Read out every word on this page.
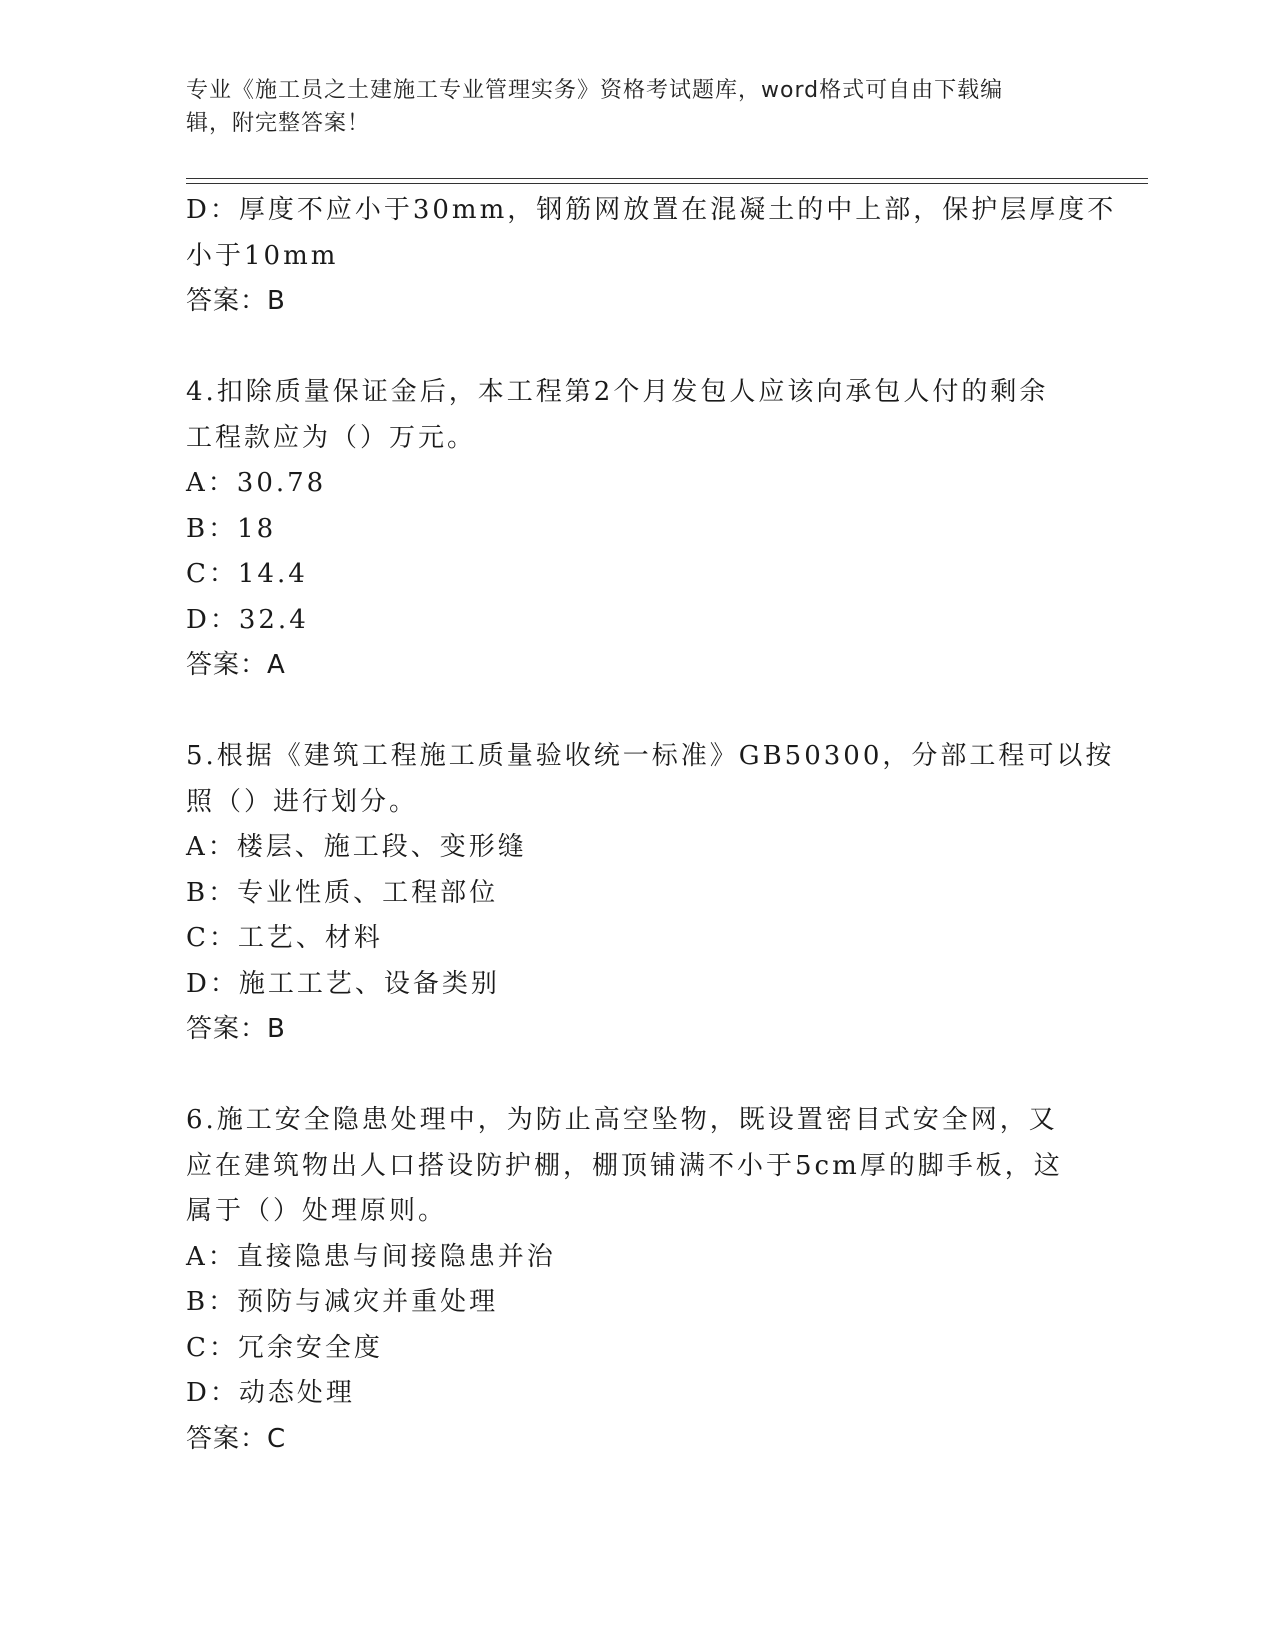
专业《施工员之土建施工专业管理实务》资格考试题库，word格式可自由下载编
辑，附完整答案！
D：厚度不应小于30mm，钢筋网放置在混凝土的中上部，保护层厚度不
小于10mm
答案：B
4.扣除质量保证金后，本工程第2个月发包人应该向承包人付的剩余
工程款应为（）万元。
A：30.78
B：18
C：14.4
D：32.4
答案：A
5.根据《建筑工程施工质量验收统一标准》GB50300，分部工程可以按
照（）进行划分。
A：楼层、施工段、变形缝
B：专业性质、工程部位
C：工艺、材料
D：施工工艺、设备类别
答案：B
6.施工安全隐患处理中，为防止高空坠物，既设置密目式安全网，又
应在建筑物出人口搭设防护棚，棚顶铺满不小于5cm厚的脚手板，这
属于（）处理原则。
A：直接隐患与间接隐患并治
B：预防与减灾并重处理
C：冗余安全度
D：动态处理
答案：C
